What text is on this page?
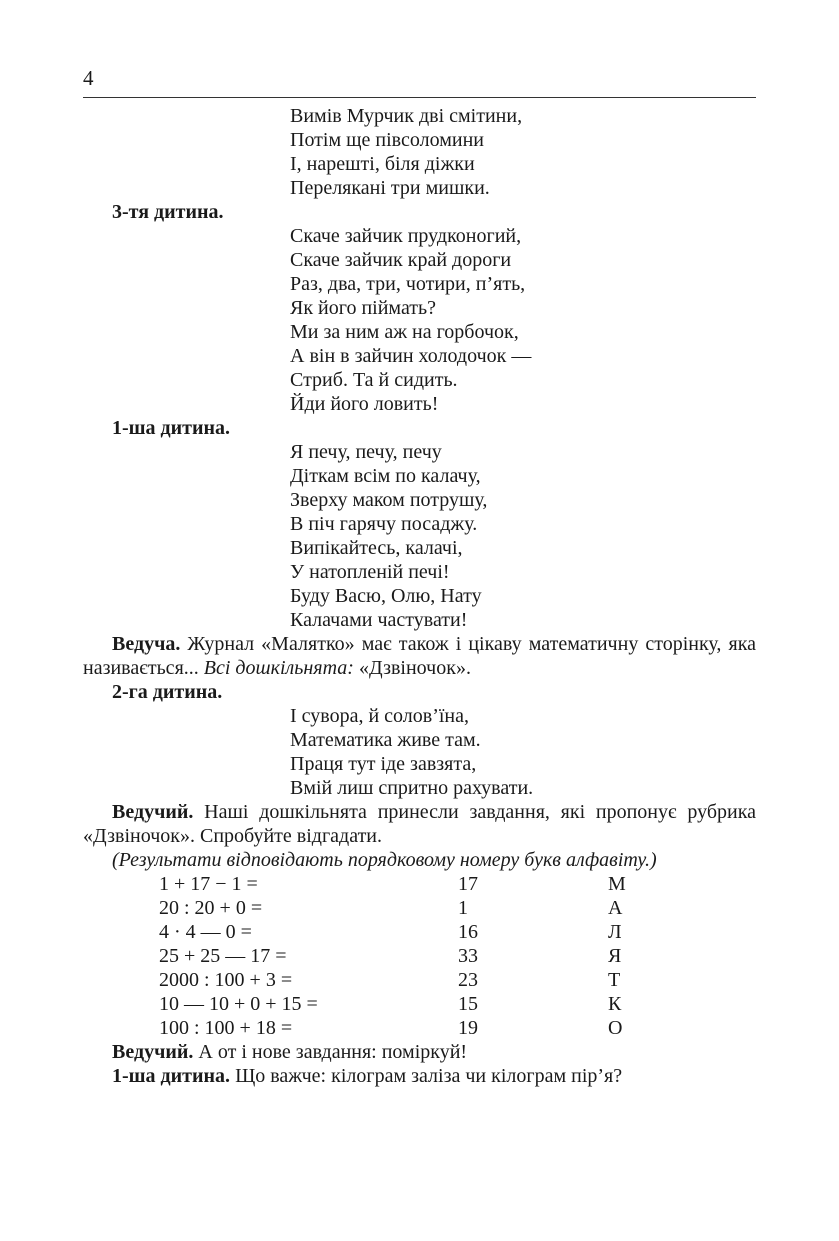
4
Вимів Мурчик дві смітини,
Потім ще півсоломини
І, нарешті, біля діжки
Перелякані три мишки.
3-тя дитина.
Скаче зайчик прудконогий,
Скаче зайчик край дороги
Раз, два, три, чотири, п’ять,
Як його піймать?
Ми за ним аж на горбочок,
А він в зайчин холодочок —
Стриб. Та й сидить.
Йди його ловить!
1-ша дитина.
Я печу, печу, печу
Діткам всім по калачу,
Зверху маком потрушу,
В піч гарячу посаджу.
Випікайтесь, калачі,
У натопленій печі!
Буду Васю, Олю, Нату
Калачами частувати!

Ведуча. Журнал «Малятко» має також і цікаву математичну сторінку, яка називається... Всі дошкільнята: «Дзвіночок».

2-га дитина.
І сувора, й солов’їна,
Математика живе там.
Праця тут іде завзята,
Вмій лиш спритно рахувати.

Ведучий. Наші дошкільнята принесли завдання, які пропонує рубрика «Дзвіночок». Спробуйте відгадати.

(Результати відповідають порядковому номеру букв алфавіту.)
1 + 17 − 1 =	17	М
20 : 20 + 0 =	1	А
4 · 4 — 0 =	16	Л
25 + 25 — 17 =	33	Я
2000 : 100 + 3 =	23	Т
10 — 10 + 0 + 15 =	15	К
100 : 100 + 18 =	19	О

Ведучий. А от і нове завдання: поміркуй!

1-ша дитина. Що важче: кілограм заліза чи кілограм пір’я?
